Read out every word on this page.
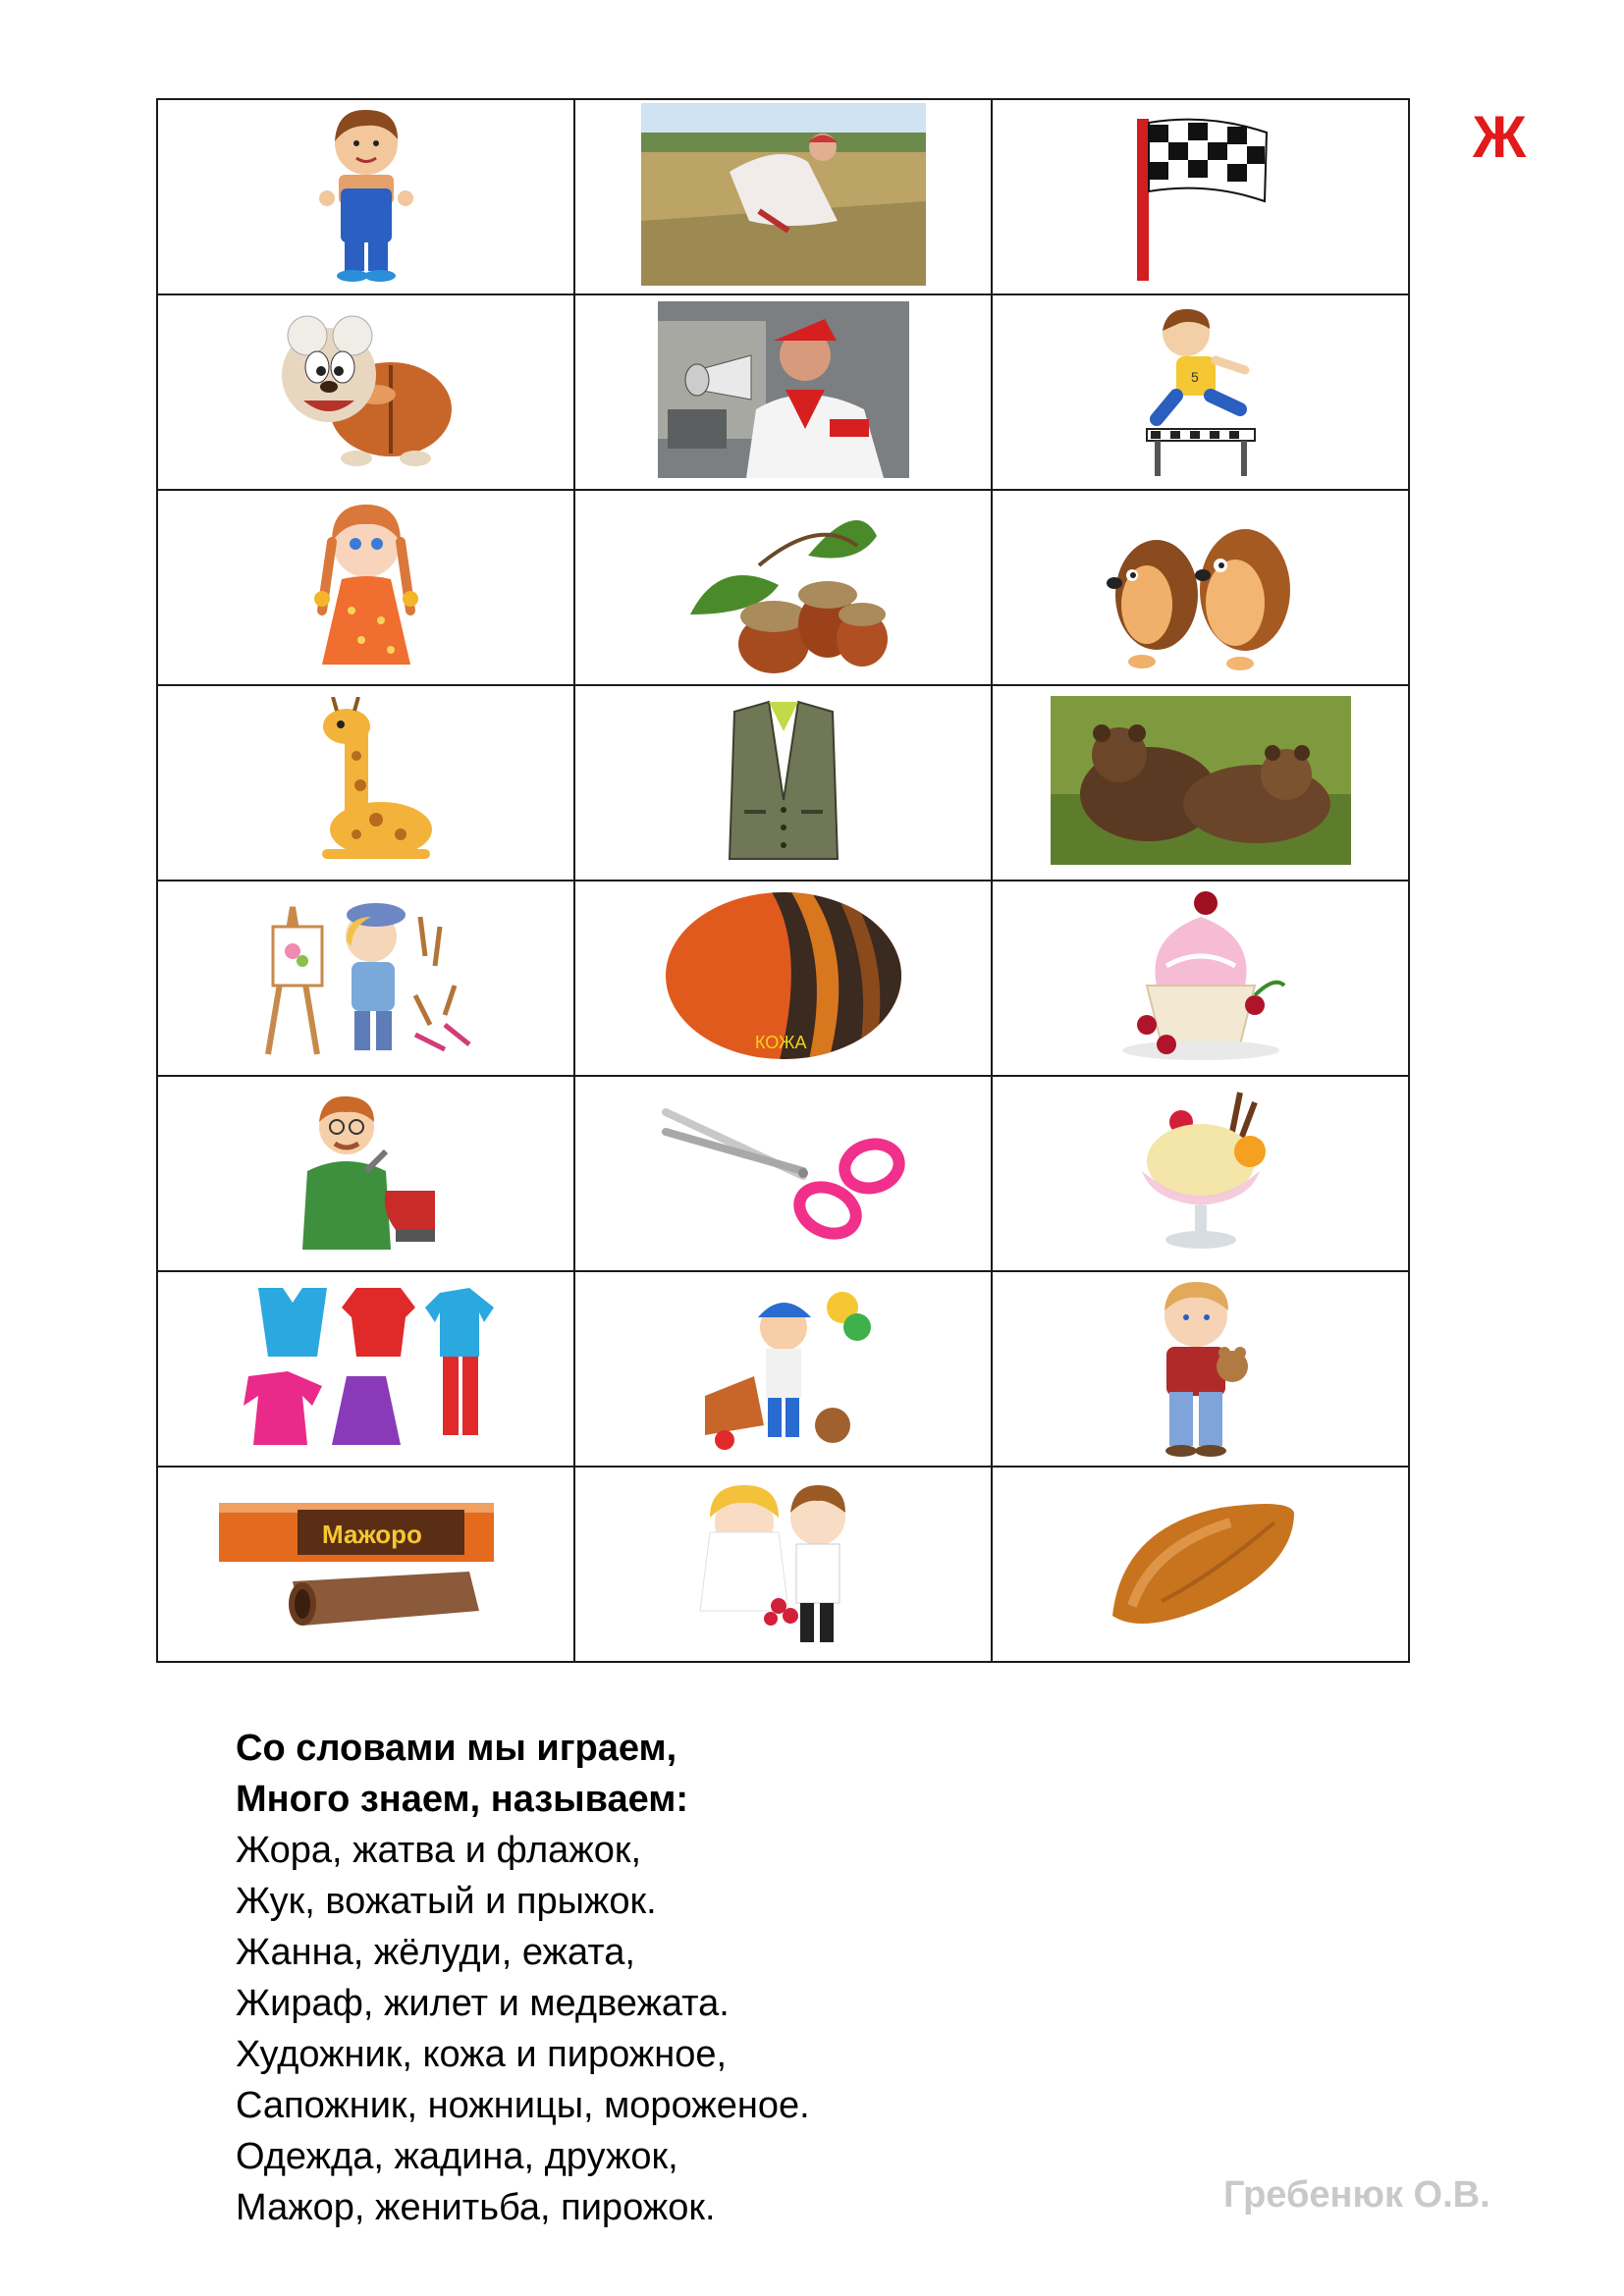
Ж

5

КОЖА

Мажоро

Со словами мы играем,
Много знаем, называем:
Жора, жатва и флажок,
Жук, вожатый и прыжок.
Жанна, жёлуди, ежата,
Жираф, жилет и медвежата.
Художник, кожа и пирожное,
Сапожник, ножницы, мороженое.
Одежда, жадина, дружок,
Мажор, женитьба, пирожок.	Гребенюк О.В.
